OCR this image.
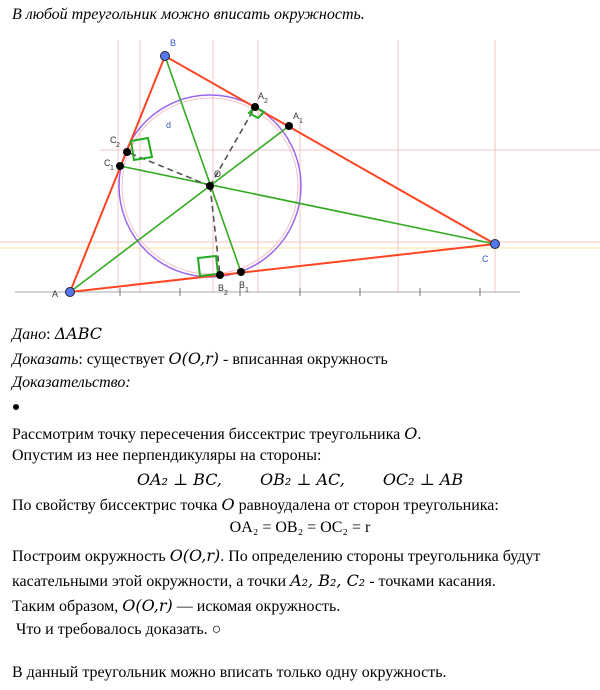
В любой треугольник можно вписать окружность.
A
B
C
O
d
A
1
A
2
B
1
B
2
C
1
C
2
Дано: ΔABC
Доказать: существует O(O,r) - вписанная окружность
Доказательство:
Рассмотрим точку пересечения биссектрис треугольника O.
Опустим из нее перпендикуляры на стороны:
OA₂ ⊥ BC, OB₂ ⊥ AC, OC₂ ⊥ AB
По свойству биссектрис точка O равноудалена от сторон треугольника:
OA₂ = OB₂ = OC₂ = r
Построим окружность O(O,r). По определению стороны треугольника будут
касательными этой окружности, а точки A₂, B₂, C₂ - точками касания.
Таким образом, O(O,r) — искомая окружность.
Что и требовалось доказать. ○
В данный треугольник можно вписать только одну окружность.
